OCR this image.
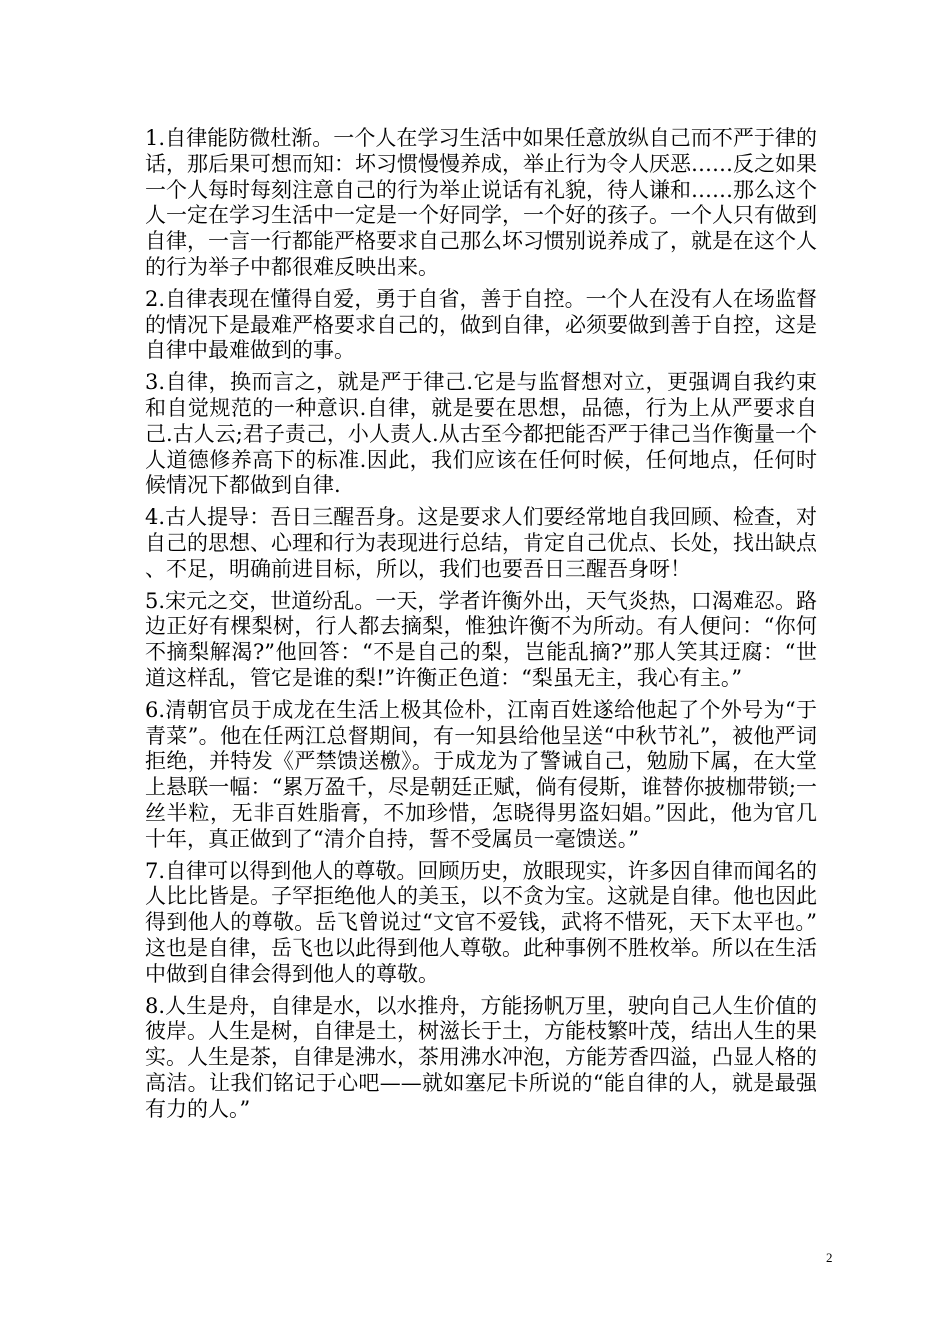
1.自律能防微杜渐。一个人在学习生活中如果任意放纵自己而不严于律的话，那后果可想而知：坏习惯慢慢养成，举止行为令人厌恶……反之如果一个人每时每刻注意自己的行为举止说话有礼貌，待人谦和……那么这个人一定在学习生活中一定是一个好同学，一个好的孩子。一个人只有做到自律，一言一行都能严格要求自己那么坏习惯别说养成了，就是在这个人的行为举子中都很难反映出来。

2.自律表现在懂得自爱，勇于自省，善于自控。一个人在没有人在场监督的情况下是最难严格要求自己的，做到自律，必须要做到善于自控，这是自律中最难做到的事。

3.自律，换而言之，就是严于律己.它是与监督想对立，更强调自我约束和自觉规范的一种意识.自律，就是要在思想，品德，行为上从严要求自己.古人云;君子责己，小人责人.从古至今都把能否严于律己当作衡量一个人道德修养高下的标准.因此，我们应该在任何时候，任何地点，任何时候情况下都做到自律.

4.古人提导：吾日三醒吾身。这是要求人们要经常地自我回顾、检查，对自己的思想、心理和行为表现进行总结，肯定自己优点、长处，找出缺点、不足，明确前进目标，所以，我们也要吾日三醒吾身呀！

5.宋元之交，世道纷乱。一天，学者许衡外出，天气炎热，口渴难忍。路边正好有棵梨树，行人都去摘梨，惟独许衡不为所动。有人便问：“你何不摘梨解渴?”他回答：“不是自己的梨，岂能乱摘?”那人笑其迂腐：“世道这样乱，管它是谁的梨!”许衡正色道：“梨虽无主，我心有主。”

6.清朝官员于成龙在生活上极其俭朴，江南百姓遂给他起了个外号为“于青菜”。他在任两江总督期间，有一知县给他呈送“中秋节礼”，被他严词拒绝，并特发《严禁馈送檄》。于成龙为了警诫自己，勉励下属，在大堂上悬联一幅：“累万盈千，尽是朝廷正赋，倘有侵斯，谁替你披枷带锁;一丝半粒，无非百姓脂膏，不加珍惜，怎晓得男盗妇娼。”因此，他为官几十年，真正做到了“清介自持，誓不受属员一毫馈送。”

7.自律可以得到他人的尊敬。回顾历史，放眼现实，许多因自律而闻名的人比比皆是。子罕拒绝他人的美玉，以不贪为宝。这就是自律。他也因此得到他人的尊敬。岳飞曾说过“文官不爱钱，武将不惜死，天下太平也。”这也是自律，岳飞也以此得到他人尊敬。此种事例不胜枚举。所以在生活中做到自律会得到他人的尊敬。

8.人生是舟，自律是水，以水推舟，方能扬帆万里，驶向自己人生价值的彼岸。人生是树，自律是土，树滋长于土，方能枝繁叶茂，结出人生的果实。人生是茶，自律是沸水，茶用沸水冲泡，方能芳香四溢，凸显人格的高洁。让我们铭记于心吧——就如塞尼卡所说的“能自律的人，就是最强有力的人。”

2
